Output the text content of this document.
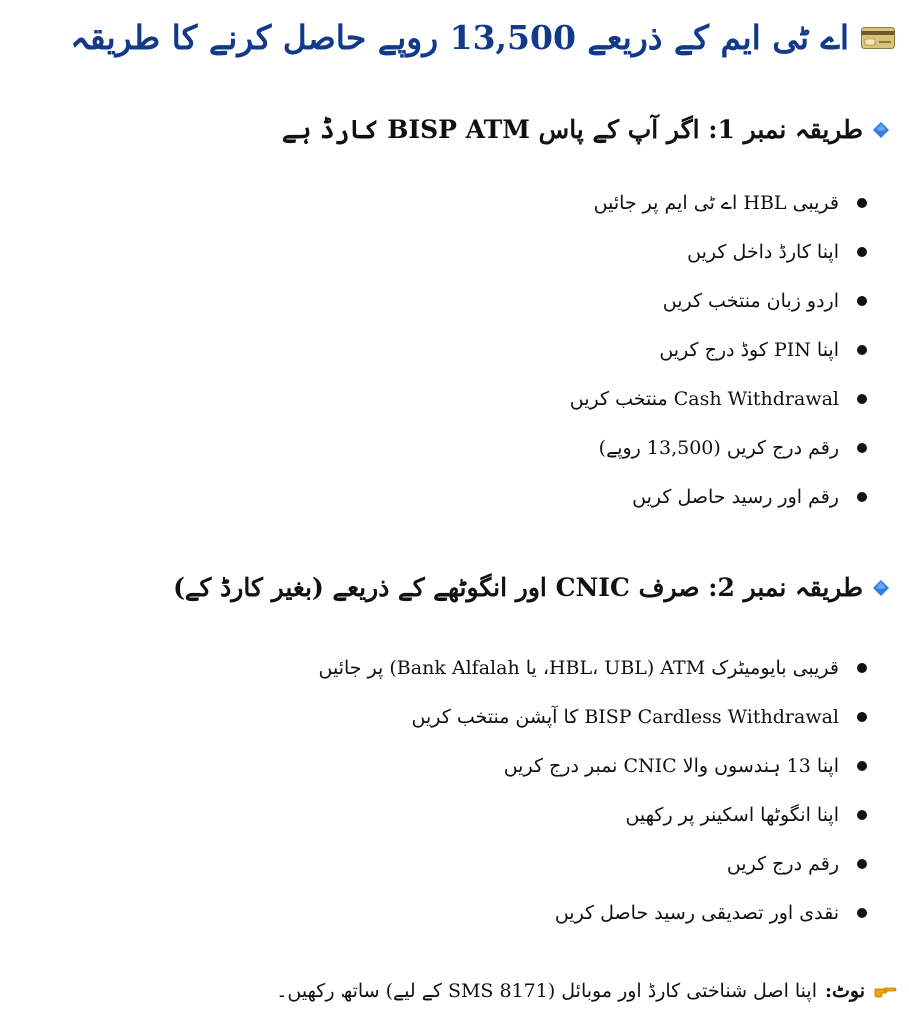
اے ٹی ایم کے ذریعے 13,500 روپے حاصل کرنے کا طریقہ
طریقہ نمبر 1: اگر آپ کے پاس BISP ATM کارڈ ہے
قریبی HBL اے ٹی ایم پر جائیں
اپنا کارڈ داخل کریں
اردو زبان منتخب کریں
اپنا PIN کوڈ درج کریں
Cash Withdrawal منتخب کریں
رقم درج کریں (13,500 روپے)
رقم اور رسید حاصل کریں
طریقہ نمبر 2: صرف CNIC اور انگوٹھے کے ذریعے (بغیر کارڈ کے)
قریبی بایومیٹرک ATM (HBL، UBL، یا Bank Alfalah) پر جائیں
BISP Cardless Withdrawal کا آپشن منتخب کریں
اپنا 13 ہندسوں والا CNIC نمبر درج کریں
اپنا انگوٹھا اسکینر پر رکھیں
رقم درج کریں
نقدی اور تصدیقی رسید حاصل کریں
نوٹ:
اپنا اصل شناختی کارڈ اور موبائل (SMS 8171 کے لیے) ساتھ رکھیں۔
